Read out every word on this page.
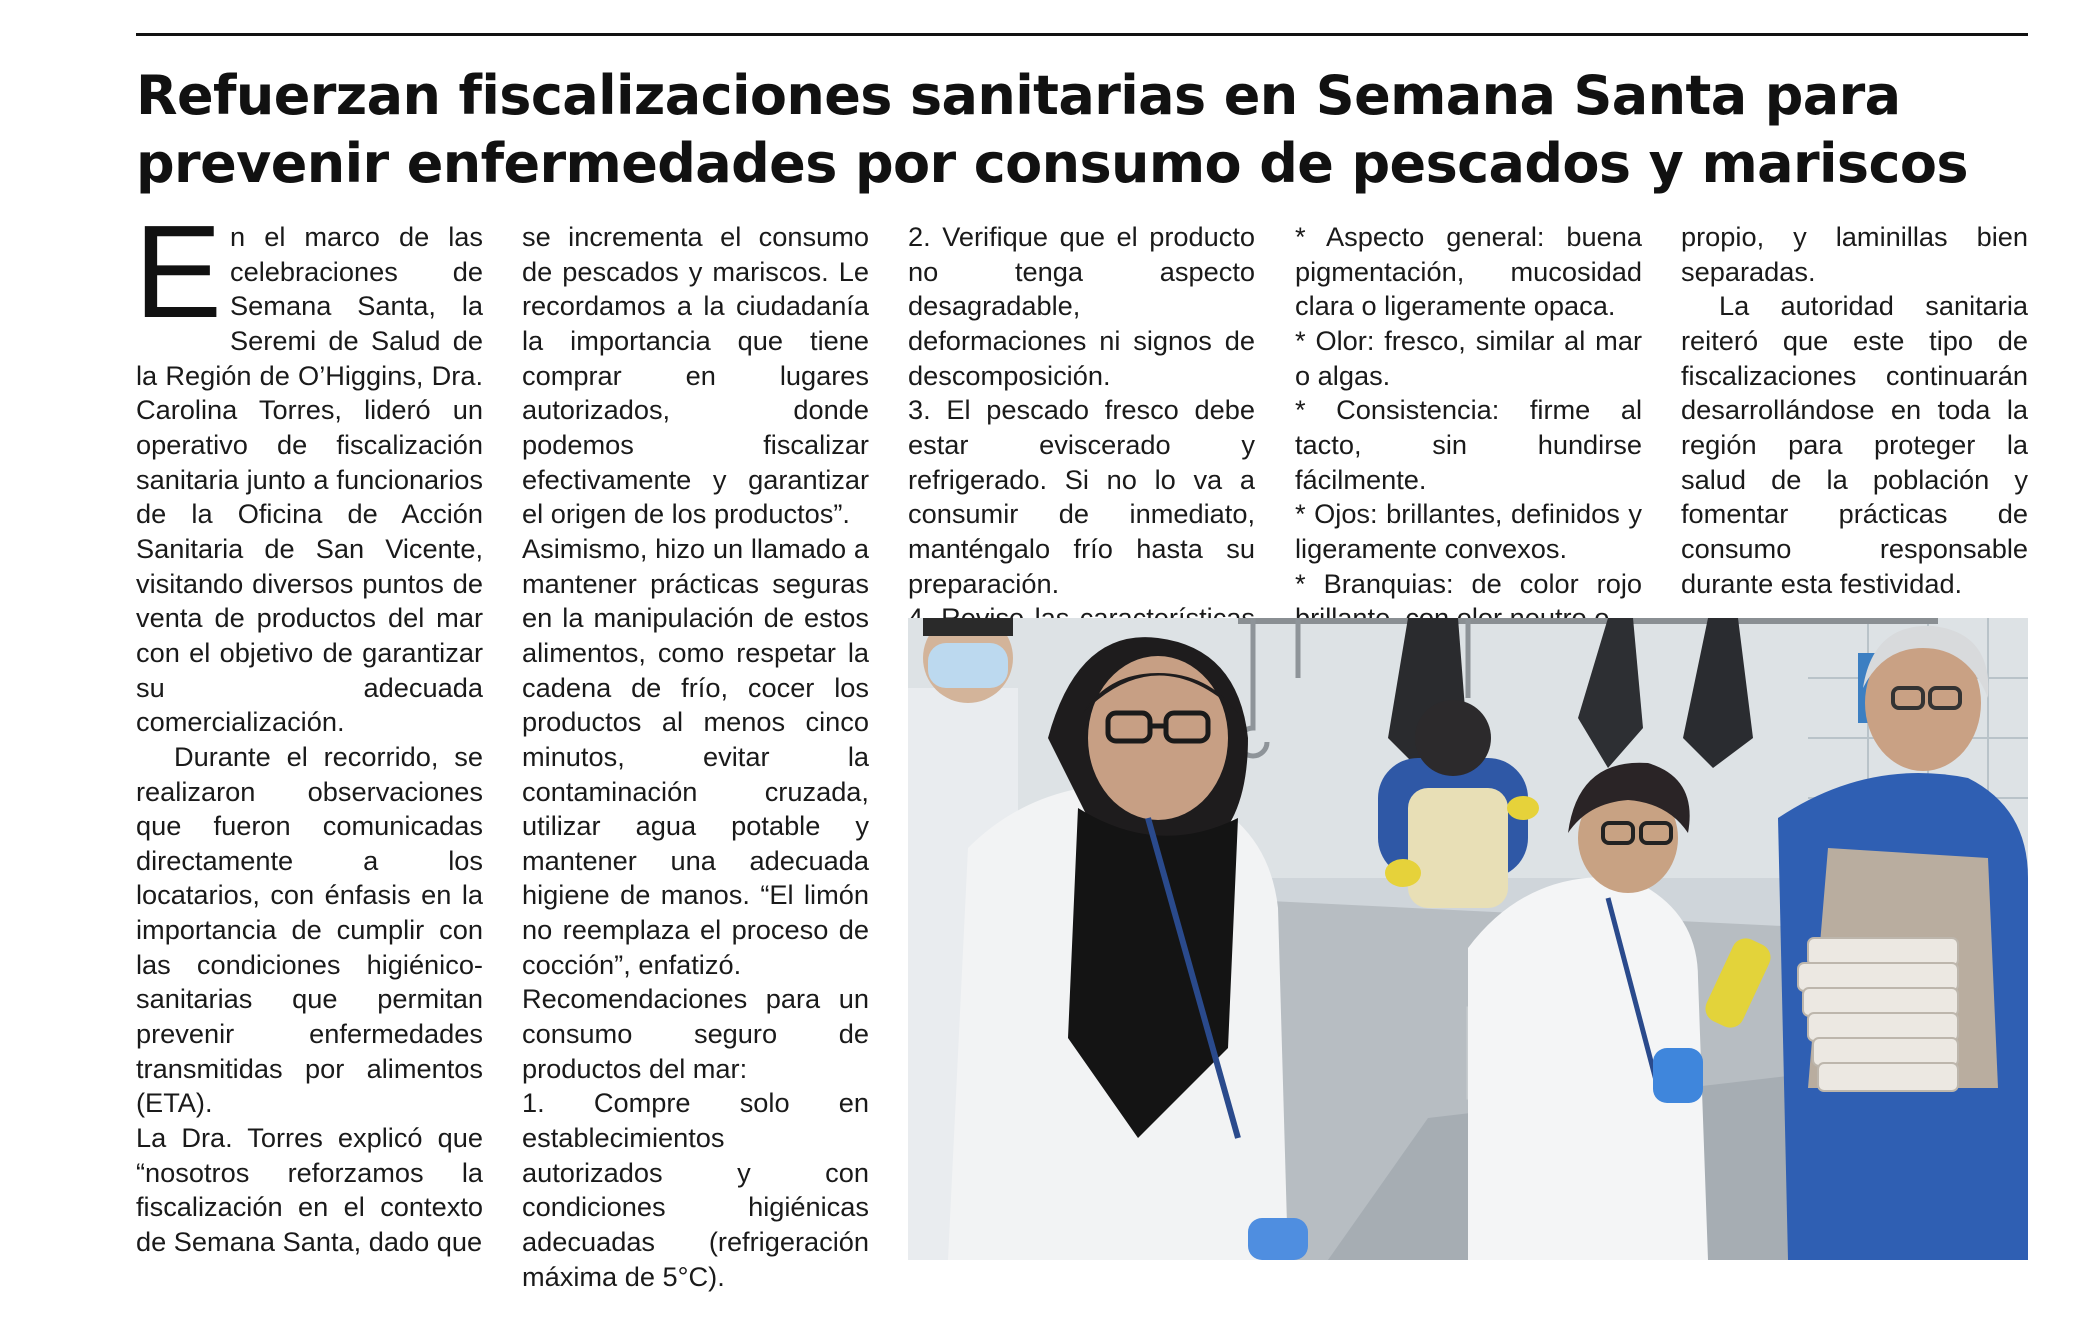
Refuerzan fiscalizaciones sanitarias en Semana Santa para
prevenir enfermedades por consumo de pescados y mariscos
E n el marco de las celebraciones de Semana Santa, la Seremi de Salud de la Región de O’Higgins, Dra. Carolina Torres, lideró un operativo de fiscalización sanitaria junto a funcionarios de la Oficina de Acción Sanitaria de San Vicente, visitando diversos puntos de venta de productos del mar con el objetivo de garantizar su adecuada comercialización.

Durante el recorrido, se realizaron observaciones que fueron comunicadas directamente a los locatarios, con énfasis en la importancia de cumplir con las condiciones higiénico-sanitarias que permitan prevenir enfermedades transmitidas por alimentos (ETA).

La Dra. Torres explicó que “nosotros reforzamos la fiscalización en el contexto de Semana Santa, dado que

se incrementa el consumo de pescados y mariscos. Le recordamos a la ciudadanía la importancia que tiene comprar en lugares autorizados, donde podemos fiscalizar efectivamente y garantizar el origen de los productos”.

Asimismo, hizo un llamado a mantener prácticas seguras en la manipulación de estos alimentos, como respetar la cadena de frío, cocer los productos al menos cinco minutos, evitar la contaminación cruzada, utilizar agua potable y mantener una adecuada higiene de manos. “El limón no reemplaza el proceso de cocción”, enfatizó.

Recomendaciones para un consumo seguro de productos del mar:

1. Compre solo en establecimientos autorizados y con condiciones higiénicas adecuadas (refrigeración máxima de 5°C).

2. Verifique que el producto no tenga aspecto desagradable, deformaciones ni signos de descomposición.

3. El pescado fresco debe estar eviscerado y refrigerado. Si no lo va a consumir de inmediato, manténgalo frío hasta su preparación.

* Aspecto general: buena pigmentación, mucosidad clara o ligeramente opaca.

* Olor: fresco, similar al mar o algas.

* Consistencia: firme al tacto, sin hundirse fácilmente.

* Ojos: brillantes, definidos y ligeramente convexos.

* Branquias: de color rojo

propio, y laminillas bien separadas.

La autoridad sanitaria reiteró que este tipo de fiscalizaciones continuarán desarrollándose en toda la región para proteger la salud de la población y fomentar prácticas de consumo responsable durante esta festividad.
